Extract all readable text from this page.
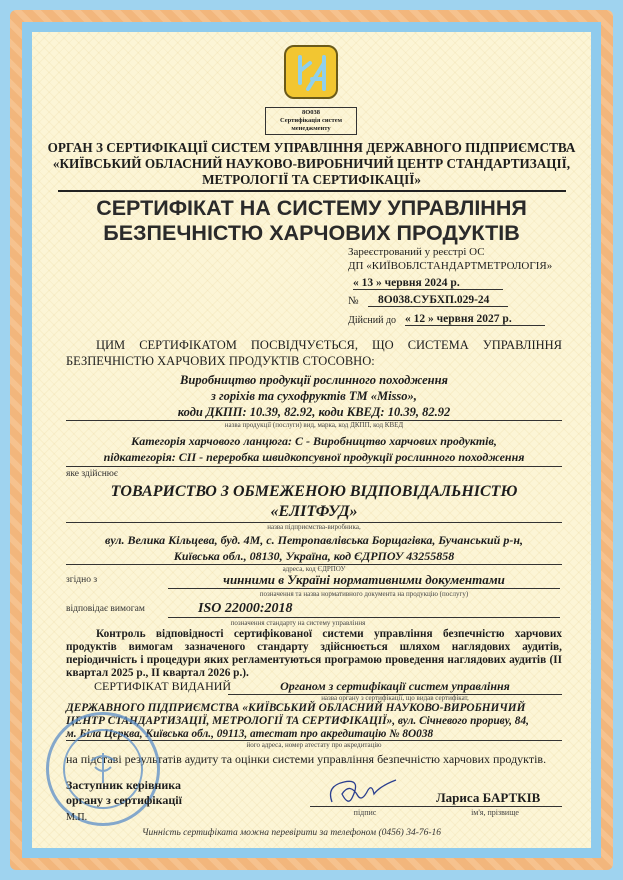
8О038
Сертифікація систем менеджменту
ОРГАН З СЕРТИФІКАЦІЇ СИСТЕМ УПРАВЛІННЯ ДЕРЖАВНОГО ПІДПРИЄМСТВА
«КИЇВСЬКИЙ ОБЛАСНИЙ НАУКОВО-ВИРОБНИЧИЙ ЦЕНТР СТАНДАРТИЗАЦІЇ,
МЕТРОЛОГІЇ ТА СЕРТИФІКАЦІЇ»
СЕРТИФІКАТ НА СИСТЕМУ УПРАВЛІННЯ
БЕЗПЕЧНІСТЮ ХАРЧОВИХ ПРОДУКТІВ
Зареєстрований у реєстрі ОС
ДП «КИЇВОБЛСТАНДАРТМЕТРОЛОГІЯ»
« 13 » червня 2024 р.
№	8О038.СУБХП.029-24
Дійсний до « 12 » червня 2027 р.
ЦИМ СЕРТИФІКАТОМ ПОСВІДЧУЄТЬСЯ, ЩО СИСТЕМА УПРАВЛІННЯ
БЕЗПЕЧНІСТЮ ХАРЧОВИХ ПРОДУКТІВ СТОСОВНО:
Виробництво продукції рослинного походження
з горіхів та сухофруктів ТМ «Misso»,
коди ДКПП: 10.39, 82.92, коди КВЕД: 10.39, 82.92
назва продукції (послуги) вид, марка, код ДКПП, код КВЕД
Категорія харчового ланцюга: С - Виробництво харчових продуктів,
підкатегорія: СІІ - переробка швидкопсувної продукції рослинного походження
яке здійснює
ТОВАРИСТВО З ОБМЕЖЕНОЮ ВІДПОВІДАЛЬНІСТЮ
«ЕЛІТФУД»
назва підприємства-виробника,
вул. Велика Кільцева, буд. 4М, с. Петропавлівська Борщагівка, Бучанський р-н,
Київська обл., 08130, Україна, код ЄДРПОУ 43255858
адреса, код ЄДРПОУ
згідно з	чинними в Україні нормативними документами
позначення та назва нормативного документа на продукцію (послугу)
відповідає вимогам	ISO 22000:2018
позначення стандарту на систему управління
Контроль відповідності сертифікованої системи управління безпечністю харчових продуктів вимогам зазначеного стандарту здійснюється шляхом наглядових аудитів, періодичність і процедури яких регламентуються програмою проведення наглядових аудитів (ІІ квартал 2025 р., ІІ квартал 2026 р.).
СЕРТИФІКАТ ВИДАНИЙ	Органом з сертифікації систем управління
назва органу з сертифікації, що видав сертифікат,
ДЕРЖАВНОГО ПІДПРИЄМСТВА «КИЇВСЬКИЙ ОБЛАСНИЙ НАУКОВО-ВИРОБНИЧИЙ
ЦЕНТР СТАНДАРТИЗАЦІЇ, МЕТРОЛОГІЇ ТА СЕРТИФІКАЦІЇ», вул. Січневого прориву, 84,
м. Біла Церква, Київська обл., 09113, атестат про акредитацію № 8О038
його адреса, номер атестату про акредитацію
на підставі результатів аудиту та оцінки системи управління безпечністю харчових продуктів.
Заступник керівника
органу з сертифікації
М.П.	підпис
Лариса БАРТКІВ
ім'я, прізвище
Чинність сертифіката можна перевірити за телефоном (0456) 34-76-16
